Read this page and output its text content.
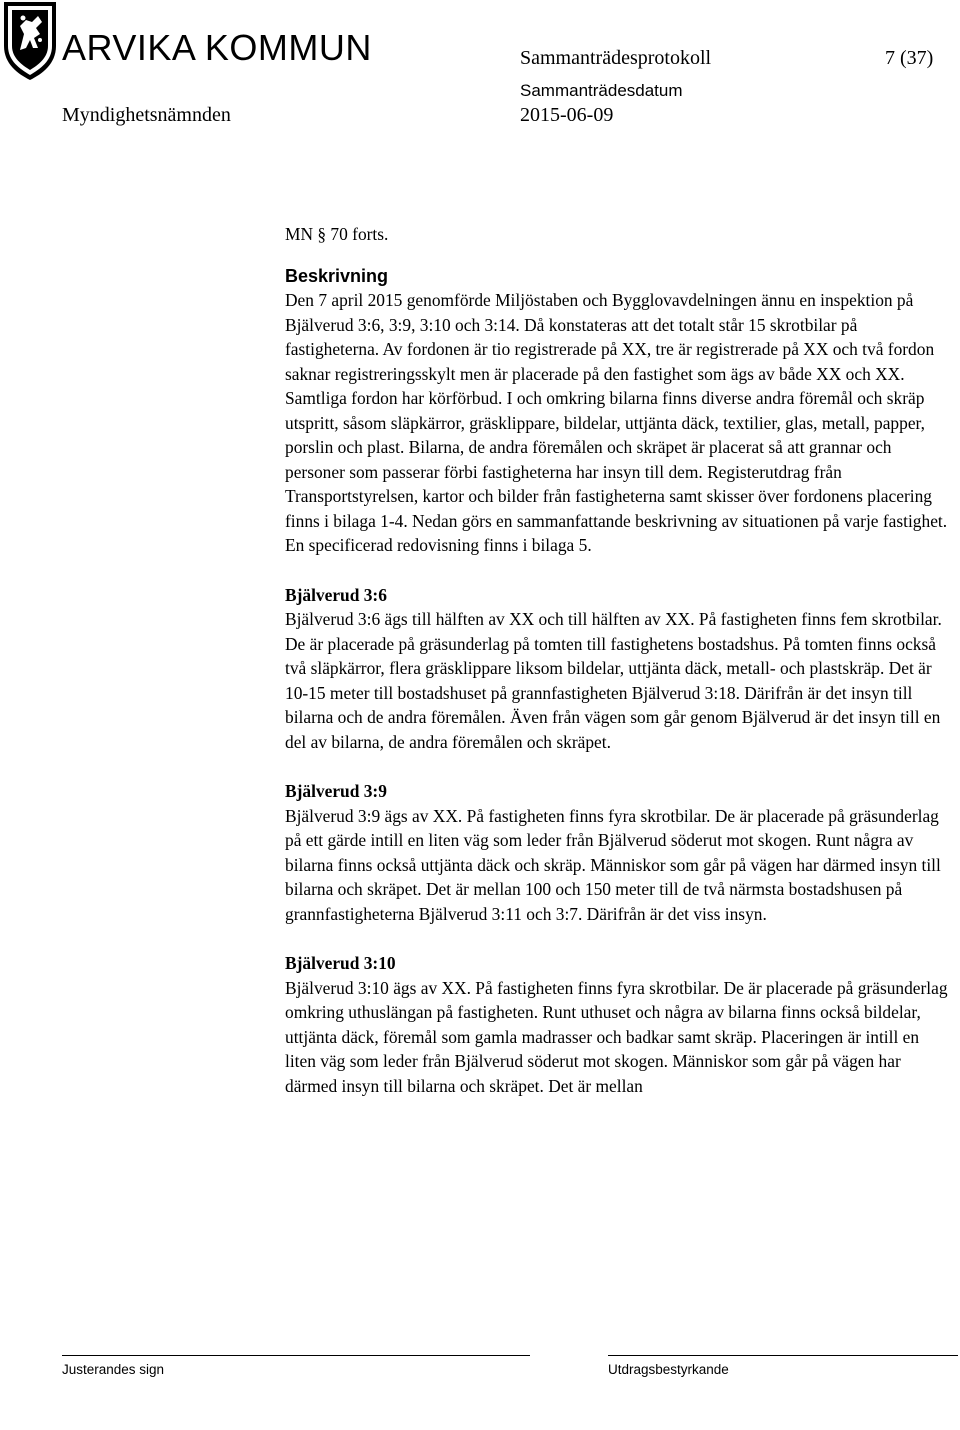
ARVIKA KOMMUN	Sammanträdesprotokoll	7 (37)
Myndighetsnämnden
Sammanträdesdatum
2015-06-09

MN § 70 forts.

Beskrivning

Den 7 april 2015 genomförde Miljöstaben och Bygglovavdelningen ännu en inspektion på Bjälverud 3:6, 3:9, 3:10 och 3:14. Då konstateras att det totalt står 15 skrotbilar på fastigheterna. Av fordonen är tio registrerade på XX, tre är registrerade på XX och två fordon saknar registreringsskylt men är placerade på den fastighet som ägs av både XX och XX. Samtliga fordon har körförbud. I och omkring bilarna finns diverse andra föremål och skräp utspritt, såsom släpkärror, gräsklippare, bildelar, uttjänta däck, textilier, glas, metall, papper, porslin och plast. Bilarna, de andra föremålen och skräpet är placerat så att grannar och personer som passerar förbi fastigheterna har insyn till dem. Registerutdrag från Transportstyrelsen, kartor och bilder från fastigheterna samt skisser över fordonens placering finns i bilaga 1-4. Nedan görs en sammanfattande beskrivning av situationen på varje fastighet. En specificerad redovisning finns i bilaga 5.

Bjälverud 3:6

Bjälverud 3:6 ägs till hälften av XX och till hälften av XX. På fastigheten finns fem skrotbilar. De är placerade på gräsunderlag på tomten till fastighetens bostadshus. På tomten finns också två släpkärror, flera gräsklippare liksom bildelar, uttjänta däck, metall- och plastskräp. Det är 10-15 meter till bostadshuset på grannfastigheten Bjälverud 3:18. Därifrån är det insyn till bilarna och de andra föremålen. Även från vägen som går genom Bjälverud är det insyn till en del av bilarna, de andra föremålen och skräpet.

Bjälverud 3:9

Bjälverud 3:9 ägs av XX. På fastigheten finns fyra skrotbilar. De är placerade på gräsunderlag på ett gärde intill en liten väg som leder från Bjälverud söderut mot skogen. Runt några av bilarna finns också uttjänta däck och skräp. Människor som går på vägen har därmed insyn till bilarna och skräpet. Det är mellan 100 och 150 meter till de två närmsta bostadshusen på grannfastigheterna Bjälverud 3:11 och 3:7. Därifrån är det viss insyn.

Bjälverud 3:10

Bjälverud 3:10 ägs av XX. På fastigheten finns fyra skrotbilar. De är placerade på gräsunderlag omkring uthuslängan på fastigheten. Runt uthuset och några av bilarna finns också bildelar, uttjänta däck, föremål som gamla madrasser och badkar samt skräp. Placeringen är intill en liten väg som leder från Bjälverud söderut mot skogen. Människor som går på vägen har därmed insyn till bilarna och skräpet. Det är mellan

Justerandes sign	Utdragsbestyrkande
